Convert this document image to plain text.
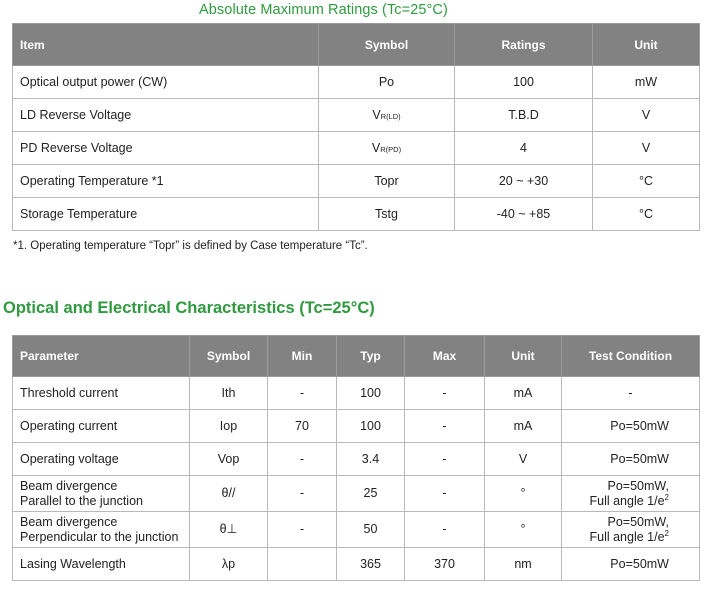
Absolute Maximum Ratings (Tc=25°C)
Item	Symbol	Ratings	Unit
Optical output power (CW)	Po	100	mW
LD Reverse Voltage	VR(LD)	T.B.D	V
PD Reverse Voltage	VR(PD)	4	V
Operating Temperature *1	Topr	20 ~ +30	°C
Storage Temperature	Tstg	-40 ~ +85	°C
*1. Operating temperature “Topr” is defined by Case temperature “Tc”.
Optical and Electrical Characteristics (Tc=25°C)
Parameter	Symbol	Min	Typ	Max	Unit	Test Condition
Threshold current	Ith	-	100	-	mA	-
Operating current	Iop	70	100	-	mA	Po=50mW
Operating voltage	Vop	-	3.4	-	V	Po=50mW
Beam divergence
Parallel to the junction	θ//	-	25	-	°	Po=50mW,
Full angle $1/e^2$
Beam divergence
Perpendicular to the junction	θ⊥	-	50	-	°	Po=50mW,
Full angle $1/e^2$
Lasing Wavelength	λp		365	370	nm	Po=50mW
